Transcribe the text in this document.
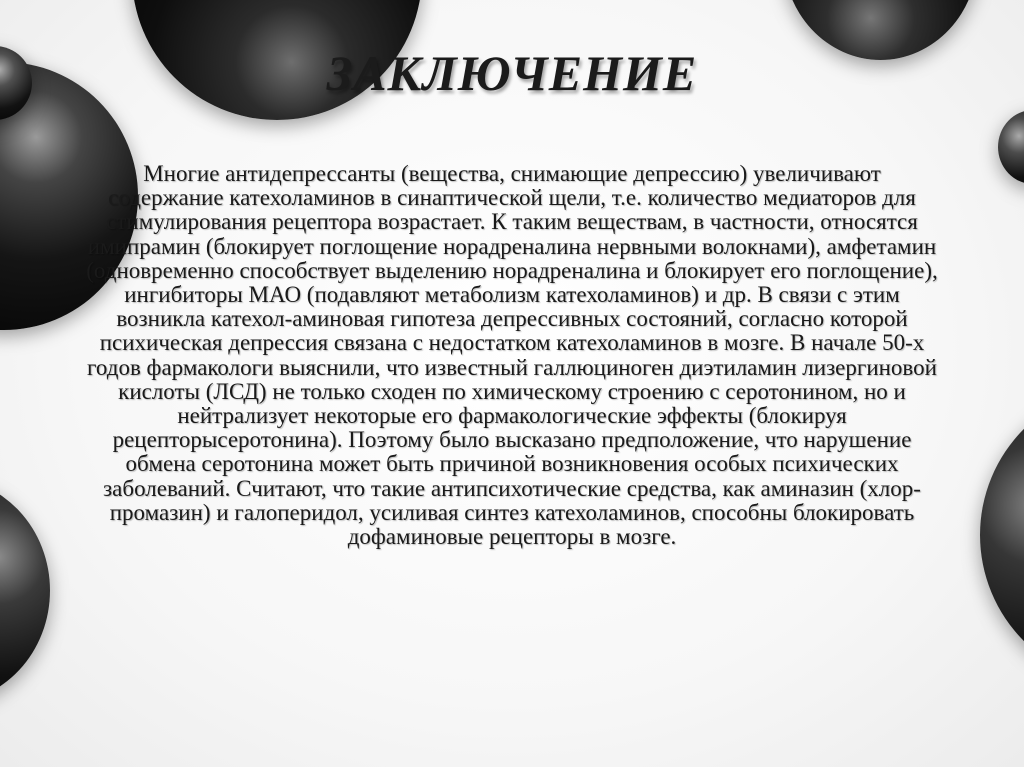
ЗАКЛЮЧЕНИЕ

Многие антидепрессанты (вещества, снимающие депрессию) увеличивают содержание катехоламинов в синаптической щели, т.е. количество медиаторов для стимулирования рецептора возрастает. К таким веществам, в частности, относятся имипрамин (блокирует поглощение норадреналина нервными волокнами), амфетамин (одновременно способствует выделению норадреналина и блокирует его поглощение), ингибиторы МАО (подавляют метаболизм катехоламинов) и др. В связи с этим возникла катехол-аминовая гипотеза депрессивных состояний, согласно которой психическая депрессия связана с недостатком катехоламинов в мозге. В начале 50-х годов фармакологи выяснили, что известный галлюциноген диэтиламин лизергиновой кислоты (ЛСД) не только сходен по химическому строению с серотонином, но и нейтрализует некоторые его фармакологические эффекты (блокируя рецепторысеротонина). Поэтому было высказано предположение, что нарушение обмена серотонина может быть причиной возникновения особых психических заболеваний. Считают, что такие антипсихотические средства, как аминазин (хлор-промазин) и галоперидол, усиливая синтез катехоламинов, способны блокировать дофаминовые рецепторы в мозге.
